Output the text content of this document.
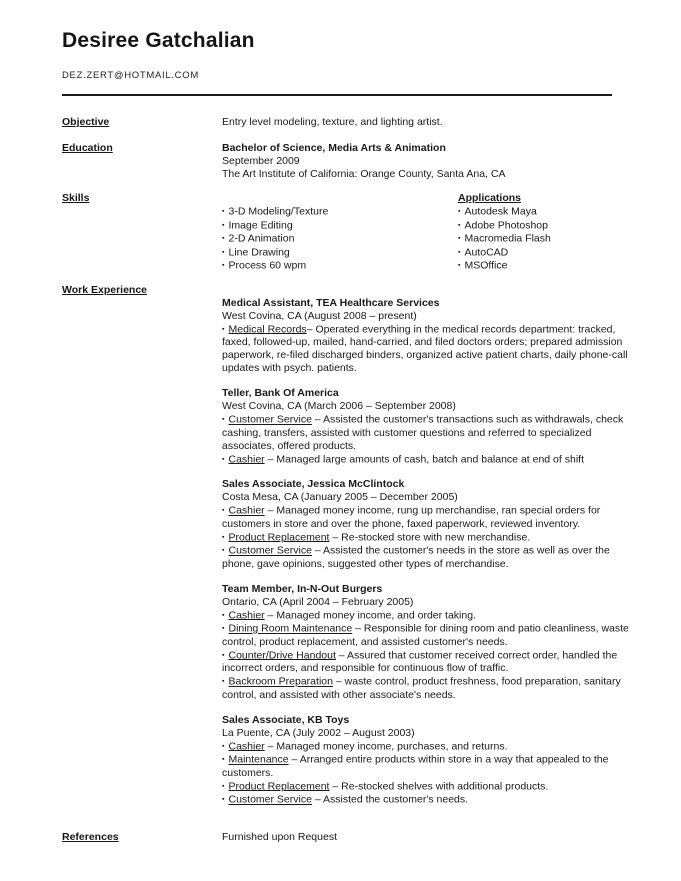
Desiree Gatchalian
DEZ.ZERT@HOTMAIL.COM
Objective	Entry level modeling, texture, and lighting artist.
Education	Bachelor of Science, Media Arts & Animation
September 2009
The Art Institute of California: Orange County, Santa Ana, CA
Skills
▪ 3-D Modeling/Texture
▪ Image Editing
▪ 2-D Animation
▪ Line Drawing
▪ Process 60 wpm
Applications
▪ Autodesk Maya
▪ Adobe Photoshop
▪ Macromedia Flash
▪ AutoCAD
▪ MSOffice
Work Experience
Medical Assistant, TEA Healthcare Services
West Covina, CA (August 2008 – present)
▪ Medical Records– Operated everything in the medical records department: tracked, faxed, followed-up, mailed, hand-carried, and filed doctors orders; prepared admission paperwork, re-filed discharged binders, organized active patient charts, daily phone-call updates with psych. patients.
Teller, Bank Of America
West Covina, CA (March 2006 – September 2008)
▪ Customer Service – Assisted the customer's transactions such as withdrawals, check cashing, transfers, assisted with customer questions and referred to specialized associates, offered products.
▪ Cashier – Managed large amounts of cash, batch and balance at end of shift
Sales Associate, Jessica McClintock
Costa Mesa, CA (January 2005 – December 2005)
▪ Cashier – Managed money income, rung up merchandise, ran special orders for customers in store and over the phone, faxed paperwork, reviewed inventory.
▪ Product Replacement – Re-stocked store with new merchandise.
▪ Customer Service – Assisted the customer's needs in the store as well as over the phone, gave opinions, suggested other types of merchandise.
Team Member, In-N-Out Burgers
Ontario, CA (April 2004 – February 2005)
▪ Cashier – Managed money income, and order taking.
▪ Dining Room Maintenance – Responsible for dining room and patio cleanliness, waste control, product replacement, and assisted customer's needs.
▪ Counter/Drive Handout – Assured that customer received correct order, handled the incorrect orders, and responsible for continuous flow of traffic.
▪ Backroom Preparation – waste control, product freshness, food preparation, sanitary control, and assisted with other associate's needs.
Sales Associate, KB Toys
La Puente, CA (July 2002 – August 2003)
▪ Cashier – Managed money income, purchases, and returns.
▪ Maintenance – Arranged entire products within store in a way that appealed to the customers.
▪ Product Replacement – Re-stocked shelves with additional products.
▪ Customer Service – Assisted the customer's needs.
References	Furnished upon Request
